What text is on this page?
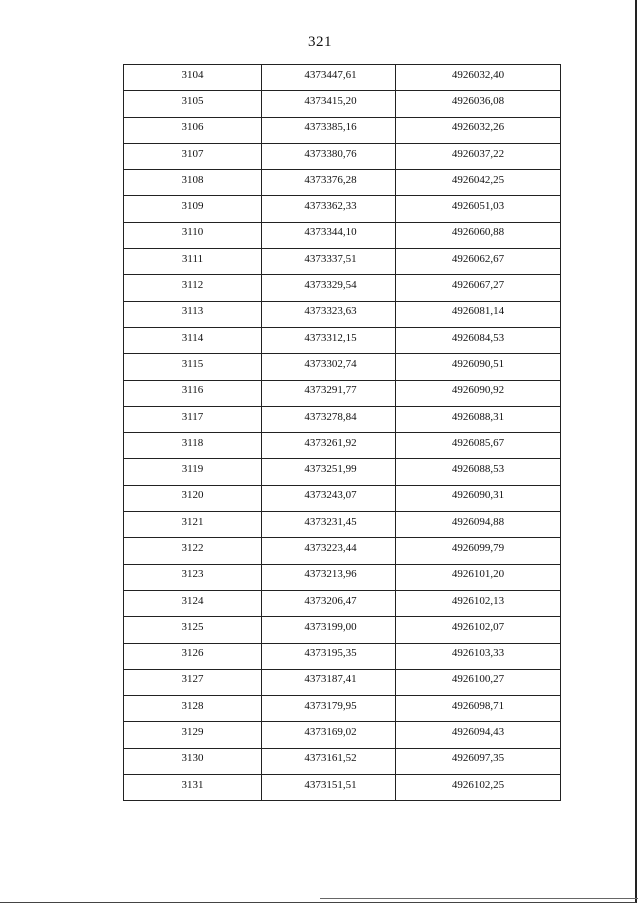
321
3104	4373447,61	4926032,40
3105	4373415,20	4926036,08
3106	4373385,16	4926032,26
3107	4373380,76	4926037,22
3108	4373376,28	4926042,25
3109	4373362,33	4926051,03
3110	4373344,10	4926060,88
3111	4373337,51	4926062,67
3112	4373329,54	4926067,27
3113	4373323,63	4926081,14
3114	4373312,15	4926084,53
3115	4373302,74	4926090,51
3116	4373291,77	4926090,92
3117	4373278,84	4926088,31
3118	4373261,92	4926085,67
3119	4373251,99	4926088,53
3120	4373243,07	4926090,31
3121	4373231,45	4926094,88
3122	4373223,44	4926099,79
3123	4373213,96	4926101,20
3124	4373206,47	4926102,13
3125	4373199,00	4926102,07
3126	4373195,35	4926103,33
3127	4373187,41	4926100,27
3128	4373179,95	4926098,71
3129	4373169,02	4926094,43
3130	4373161,52	4926097,35
3131	4373151,51	4926102,25
